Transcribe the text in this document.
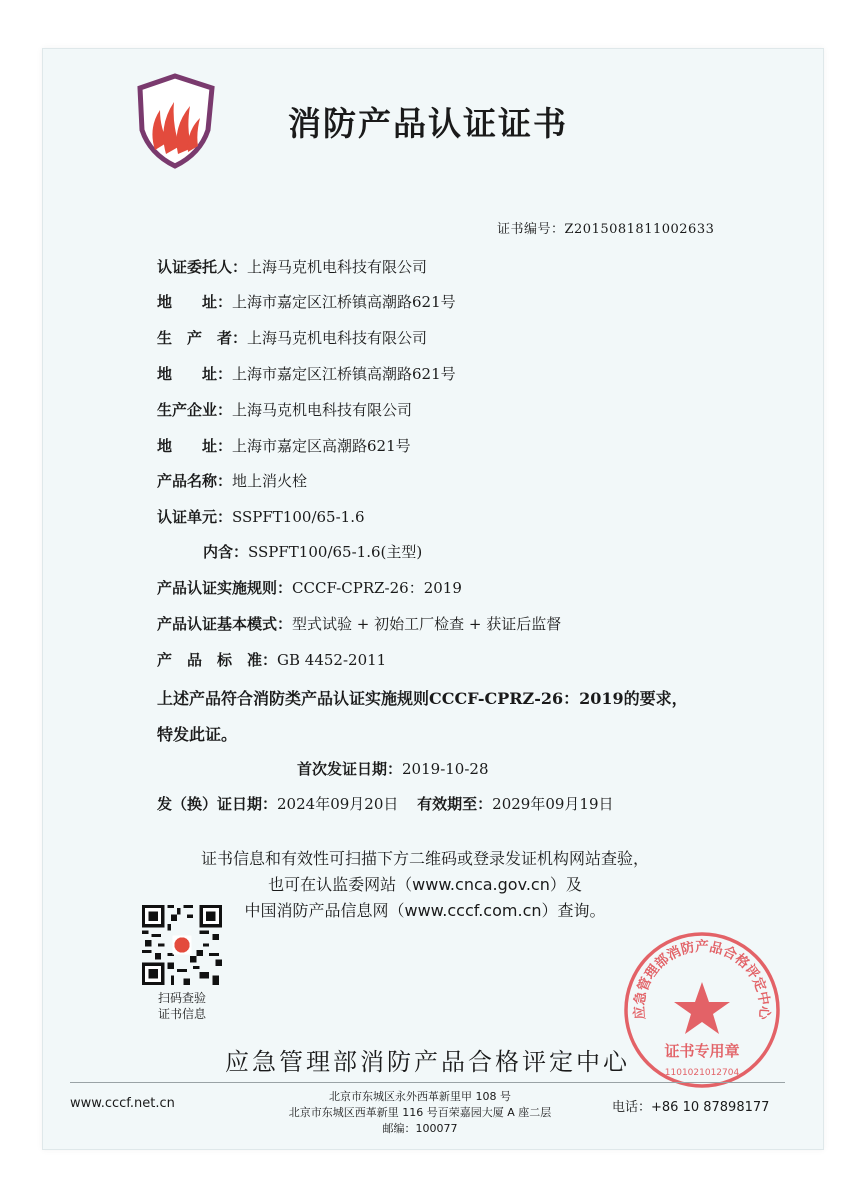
消防产品认证证书
证书编号：Z2015081811002633
认证委托人：上海马克机电科技有限公司
地　　址：上海市嘉定区江桥镇高潮路621号
生　产　者：上海马克机电科技有限公司
地　　址：上海市嘉定区江桥镇高潮路621号
生产企业：上海马克机电科技有限公司
地　　址：上海市嘉定区高潮路621号
产品名称：地上消火栓
认证单元：SSPFT100/65-1.6
内含：SSPFT100/65-1.6(主型)
产品认证实施规则：CCCF-CPRZ-26：2019
产品认证基本模式：型式试验 + 初始工厂检查 + 获证后监督
产　品　标　准：GB 4452-2011
上述产品符合消防类产品认证实施规则CCCF-CPRZ-26：2019的要求，特发此证。
首次发证日期：2019-10-28
发（换）证日期：2024年09月20日 有效期至：2029年09月19日
证书信息和有效性可扫描下方二维码或登录发证机构网站查验，
也可在认监委网站（www.cnca.gov.cn）及
中国消防产品信息网（www.cccf.com.cn）查询。
扫码查验
证书信息	应急管理部消防产品合格评定中心
证书专用章
1101021012704
应急管理部消防产品合格评定中心
www.cccf.net.cn	北京市东城区永外西革新里甲 108 号
北京市东城区西革新里 116 号百荣嘉园大厦 A 座二层
邮编：100077
电话：+86 10 87898177
